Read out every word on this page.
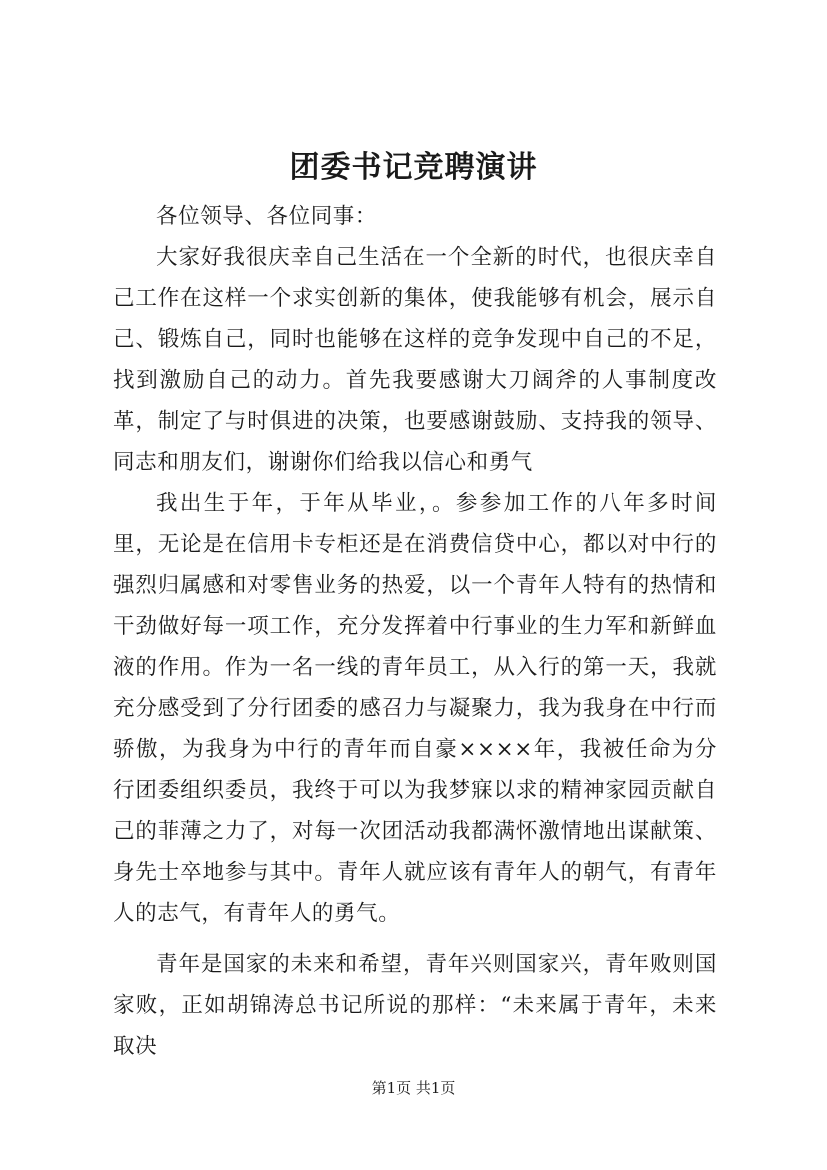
团委书记竞聘演讲

各位领导、各位同事：

大家好我很庆幸自己生活在一个全新的时代，也很庆幸自己工作在这样一个求实创新的集体，使我能够有机会，展示自己、锻炼自己，同时也能够在这样的竞争发现中自己的不足，找到激励自己的动力。首先我要感谢大刀阔斧的人事制度改革，制定了与时俱进的决策，也要感谢鼓励、支持我的领导、同志和朋友们，谢谢你们给我以信心和勇气

我出生于年，于年从毕业，。参参加工作的八年多时间里，无论是在信用卡专柜还是在消费信贷中心，都以对中行的强烈归属感和对零售业务的热爱，以一个青年人特有的热情和干劲做好每一项工作，充分发挥着中行事业的生力军和新鲜血液的作用。作为一名一线的青年员工，从入行的第一天，我就充分感受到了分行团委的感召力与凝聚力，我为我身在中行而骄傲，为我身为中行的青年而自豪××××年，我被任命为分行团委组织委员，我终于可以为我梦寐以求的精神家园贡献自己的菲薄之力了，对每一次团活动我都满怀激情地出谋献策、身先士卒地参与其中。青年人就应该有青年人的朝气，有青年人的志气，有青年人的勇气。

青年是国家的未来和希望，青年兴则国家兴，青年败则国家败，正如胡锦涛总书记所说的那样：“未来属于青年，未来取决

第1页 共1页
